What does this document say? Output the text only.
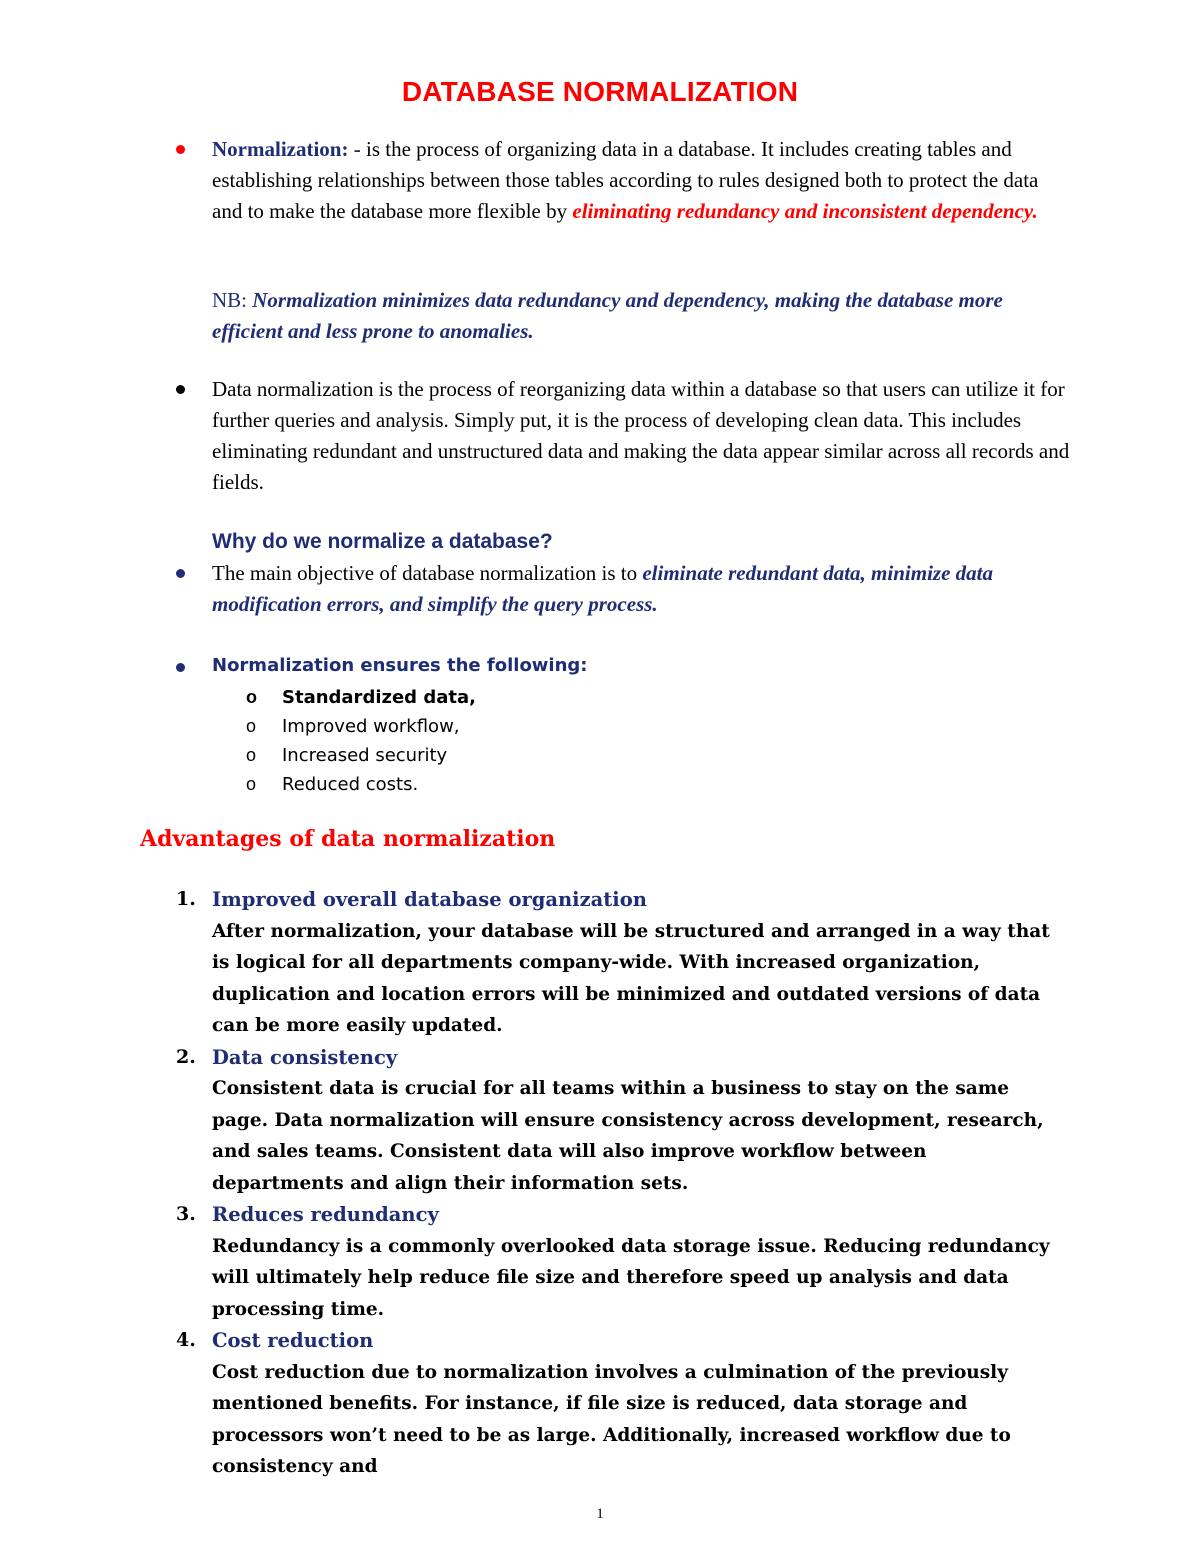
DATABASE NORMALIZATION
Normalization: - is the process of organizing data in a database. It includes creating tables and establishing relationships between those tables according to rules designed both to protect the data and to make the database more flexible by eliminating redundancy and inconsistent dependency.
NB: Normalization minimizes data redundancy and dependency, making the database more efficient and less prone to anomalies.
Data normalization is the process of reorganizing data within a database so that users can utilize it for further queries and analysis. Simply put, it is the process of developing clean data. This includes eliminating redundant and unstructured data and making the data appear similar across all records and fields.
Why do we normalize a database?
The main objective of database normalization is to eliminate redundant data, minimize data modification errors, and simplify the query process.
Normalization ensures the following:
o Standardized data,
o Improved workflow,
o Increased security
o Reduced costs.
Advantages of data normalization
1. Improved overall database organization
After normalization, your database will be structured and arranged in a way that is logical for all departments company-wide. With increased organization, duplication and location errors will be minimized and outdated versions of data can be more easily updated.
2. Data consistency
Consistent data is crucial for all teams within a business to stay on the same page. Data normalization will ensure consistency across development, research, and sales teams. Consistent data will also improve workflow between departments and align their information sets.
3. Reduces redundancy
Redundancy is a commonly overlooked data storage issue. Reducing redundancy will ultimately help reduce file size and therefore speed up analysis and data processing time.
4. Cost reduction
Cost reduction due to normalization involves a culmination of the previously mentioned benefits. For instance, if file size is reduced, data storage and processors won’t need to be as large. Additionally, increased workflow due to consistency and
1
